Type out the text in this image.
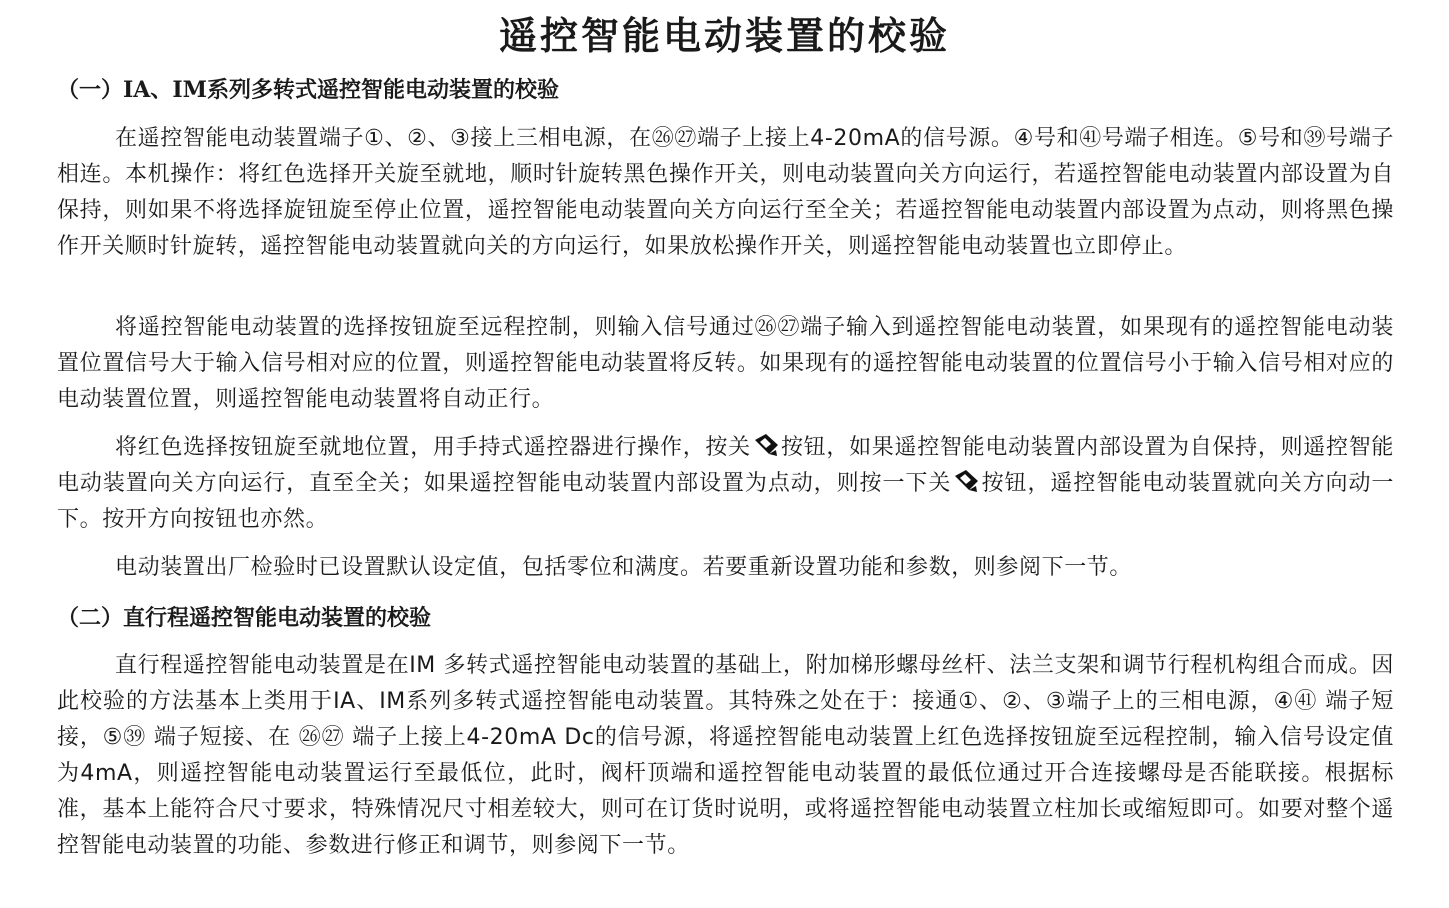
遥控智能电动装置的校验
（一）IA、IM系列多转式遥控智能电动装置的校验

在遥控智能电动装置端子①、②、③接上三相电源，在㉖㉗端子上接上4-20mA的信号源。④号和㊶号端子相连。⑤号和㊴号端子相连。本机操作：将红色选择开关旋至就地，顺时针旋转黑色操作开关，则电动装置向关方向运行，若遥控智能电动装置内部设置为自保持，则如果不将选择旋钮旋至停止位置，遥控智能电动装置向关方向运行至全关；若遥控智能电动装置内部设置为点动，则将黑色操作开关顺时针旋转，遥控智能电动装置就向关的方向运行，如果放松操作开关，则遥控智能电动装置也立即停止。

将遥控智能电动装置的选择按钮旋至远程控制，则输入信号通过㉖㉗端子输入到遥控智能电动装置，如果现有的遥控智能电动装置位置信号大于输入信号相对应的位置，则遥控智能电动装置将反转。如果现有的遥控智能电动装置的位置信号小于输入信号相对应的电动装置位置，则遥控智能电动装置将自动正行。

将红色选择按钮旋至就地位置，用手持式遥控器进行操作，按关 按钮，如果遥控智能电动装置内部设置为自保持，则遥控智能电动装置向关方向运行，直至全关；如果遥控智能电动装置内部设置为点动，则按一下关 按钮，遥控智能电动装置就向关方向动一下。按开方向按钮也亦然。

电动装置出厂检验时已设置默认设定值，包括零位和满度。若要重新设置功能和参数，则参阅下一节。

（二）直行程遥控智能电动装置的校验

直行程遥控智能电动装置是在IM 多转式遥控智能电动装置的基础上，附加梯形螺母丝杆、法兰支架和调节行程机构组合而成。因此校验的方法基本上类用于IA、IM系列多转式遥控智能电动装置。其特殊之处在于：接通①、②、③端子上的三相电源，④㊶ 端子短接，⑤㊴ 端子短接、在 ㉖㉗ 端子上接上4-20mA Dc的信号源，将遥控智能电动装置上红色选择按钮旋至远程控制，输入信号设定值为4mA，则遥控智能电动装置运行至最低位，此时，阀杆顶端和遥控智能电动装置的最低位通过开合连接螺母是否能联接。根据标准，基本上能符合尺寸要求，特殊情况尺寸相差较大，则可在订货时说明，或将遥控智能电动装置立柱加长或缩短即可。如要对整个遥控智能电动装置的功能、参数进行修正和调节，则参阅下一节。
